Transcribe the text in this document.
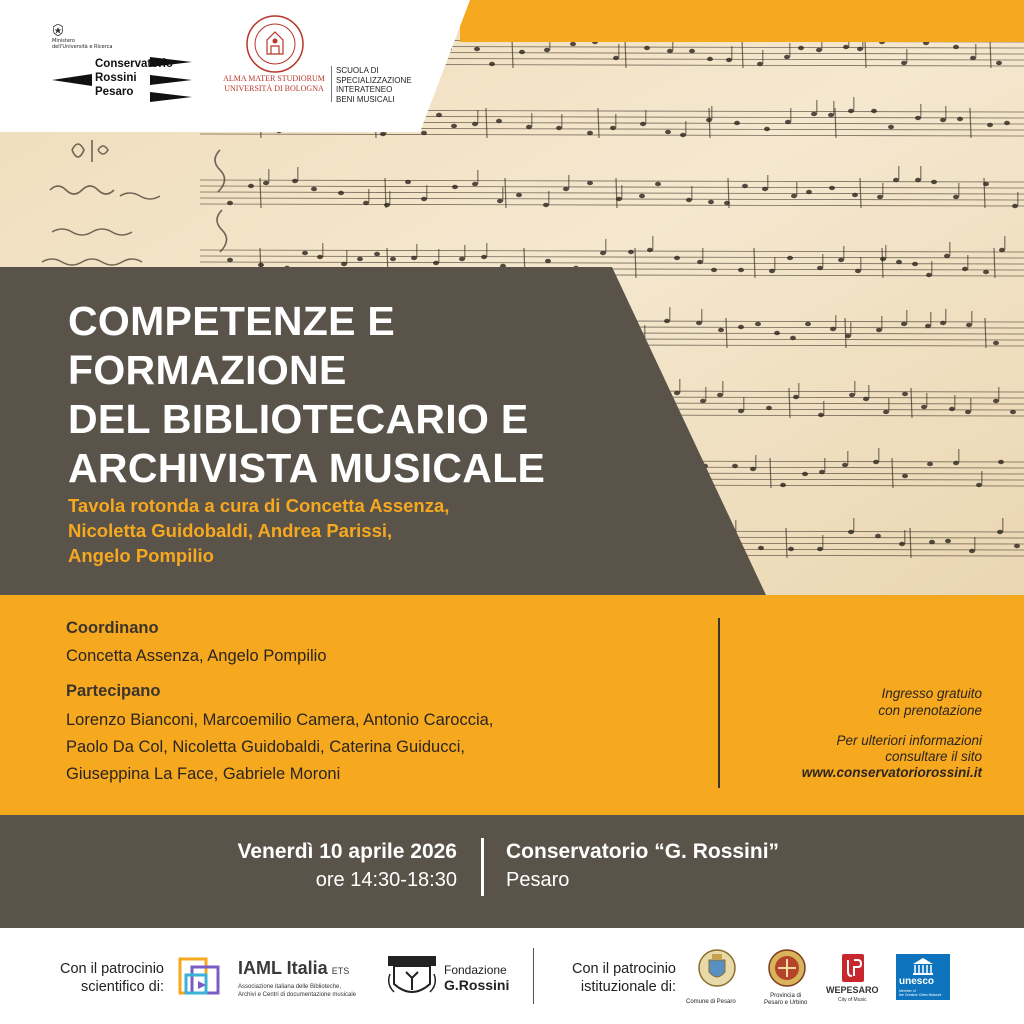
Ministero
dell'Università e Ricerca
Conservatorio
Rossini
Pesaro
ALMA MATER STUDIORUM
UNIVERSITÀ DI BOLOGNA
SCUOLA DI
SPECIALIZZAZIONE
INTERATENEO
BENI MUSICALI
COMPETENZE E
FORMAZIONE
DEL BIBLIOTECARIO E
ARCHIVISTA MUSICALE
Tavola rotonda a cura di Concetta Assenza,
Nicoletta Guidobaldi, Andrea Parissi,
Angelo Pompilio
Coordinano
Concetta Assenza, Angelo Pompilio
Partecipano
Lorenzo Bianconi, Marcoemilio Camera, Antonio Caroccia,
Paolo Da Col, Nicoletta Guidobaldi, Caterina Guiducci,
Giuseppina La Face, Gabriele Moroni
Ingresso gratuito
con prenotazione
Per ulteriori informazioni
consultare il sito
www.conservatoriorossini.it
Venerdì 10 aprile 2026
ore 14:30-18:30
Conservatorio “G. Rossini”
Pesaro
Con il patrocinio
scientifico di:
IAML Italia ETS
Associazione italiana delle Biblioteche,
Archivi e Centri di documentazione musicale
Fondazione
G.Rossini
Con il patrocinio
istituzionale di:
Comune di Pesaro
Provincia di
Pesaro e Urbino
WEPESARO
City of Music
unesco
Member of
the Creative Cities Network
